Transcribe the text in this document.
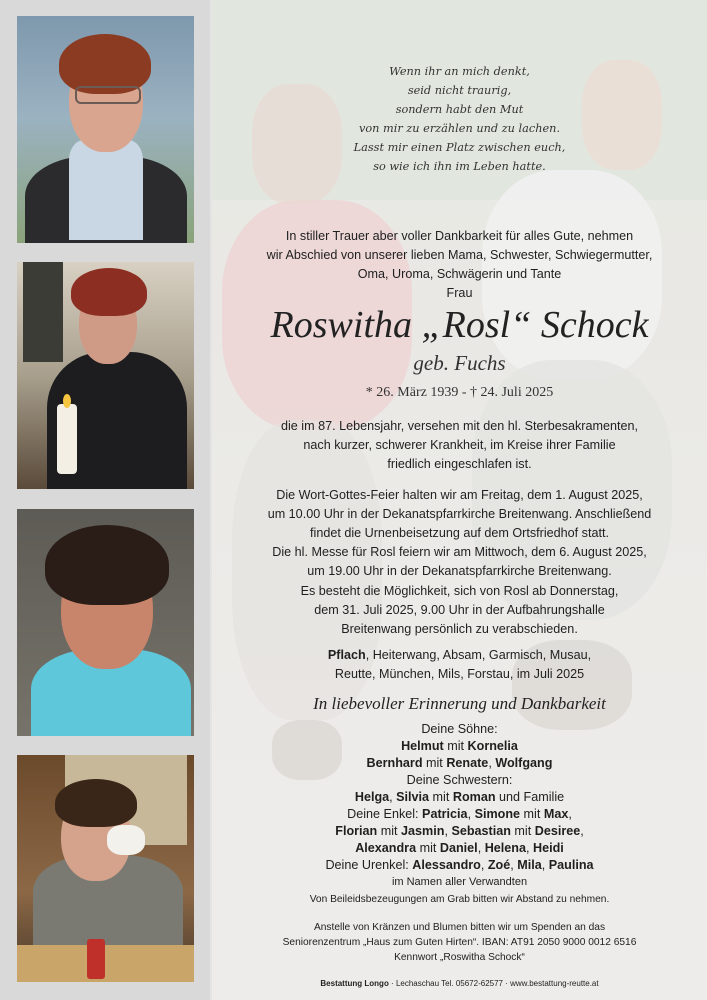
Wenn ihr an mich denkt,
seid nicht traurig,
sondern habt den Mut
von mir zu erzählen und zu lachen.
Lasst mir einen Platz zwischen euch,
so wie ich ihn im Leben hatte.
In stiller Trauer aber voller Dankbarkeit für alles Gute, nehmen
wir Abschied von unserer lieben Mama, Schwester, Schwiegermutter,
Oma, Uroma, Schwägerin und Tante
Frau
Roswitha „Rosl“ Schock
geb. Fuchs
* 26. März 1939 - † 24. Juli 2025
die im 87. Lebensjahr, versehen mit den hl. Sterbesakramenten,
nach kurzer, schwerer Krankheit, im Kreise ihrer Familie
friedlich eingeschlafen ist.
Die Wort-Gottes-Feier halten wir am Freitag, dem 1. August 2025,
um 10.00 Uhr in der Dekanatspfarrkirche Breitenwang. Anschließend
findet die Urnenbeisetzung auf dem Ortsfriedhof statt.
Die hl. Messe für Rosl feiern wir am Mittwoch, dem 6. August 2025,
um 19.00 Uhr in der Dekanatspfarrkirche Breitenwang.
Es besteht die Möglichkeit, sich von Rosl ab Donnerstag,
dem 31. Juli 2025, 9.00 Uhr in der Aufbahrungshalle
Breitenwang persönlich zu verabschieden.
Pflach, Heiterwang, Absam, Garmisch, Musau,
Reutte, München, Mils, Forstau, im Juli 2025
In liebevoller Erinnerung und Dankbarkeit
Deine Söhne:
Helmut mit Kornelia
Bernhard mit Renate, Wolfgang
Deine Schwestern:
Helga, Silvia mit Roman und Familie
Deine Enkel: Patricia, Simone mit Max,
Florian mit Jasmin, Sebastian mit Desiree,
Alexandra mit Daniel, Helena, Heidi
Deine Urenkel: Alessandro, Zoé, Mila, Paulina
im Namen aller Verwandten
Von Beileidsbezeugungen am Grab bitten wir Abstand zu nehmen.
Anstelle von Kränzen und Blumen bitten wir um Spenden an das
Seniorenzentrum „Haus zum Guten Hirten“. IBAN: AT91 2050 9000 0012 6516
Kennwort „Roswitha Schock“
Bestattung Longo · Lechaschau Tel. 05672-62577 · www.bestattung-reutte.at
